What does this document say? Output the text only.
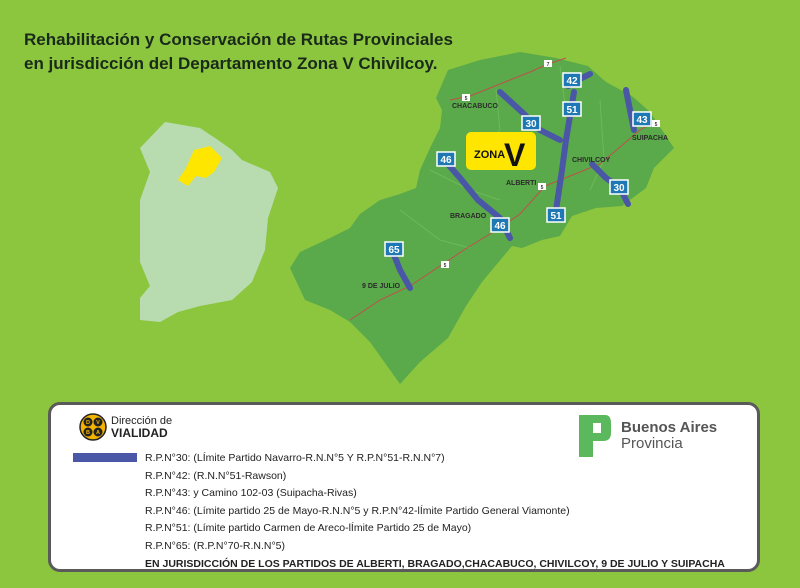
Rehabilitación y Conservación de Rutas Provinciales
en jurisdicción del Departamento Zona V Chivilcoy.
42
30
51
43
46
30
51
46
65
7
5
5
5
5
ZONA
V
CHACABUCO
SUIPACHA
CHIVILCOY
ALBERTI
BRAGADO
9 DE JULIO
D V
B A
Dirección de
VIALIDAD	Buenos Aires
Provincia
R.P.N°30: (LÍmite Partido Navarro-R.N.N°5 Y R.P.N°51-R.N.N°7)
R.P.N°42: (R.N.N°51-Rawson)
R.P.N°43: y Camino 102-03 (Suipacha-Rivas)
R.P.N°46: (Límite partido 25 de Mayo-R.N.N°5 y R.P.N°42-lÍmite Partido General Viamonte)
R.P.N°51: (Límite partido Carmen de Areco-lÍmite Partido 25 de Mayo)
R.P.N°65: (R.P.N°70-R.N.N°5)
EN JURISDICCIÓN DE LOS PARTIDOS DE ALBERTI, BRAGADO,CHACABUCO, CHIVILCOY, 9 DE JULIO Y SUIPACHA
